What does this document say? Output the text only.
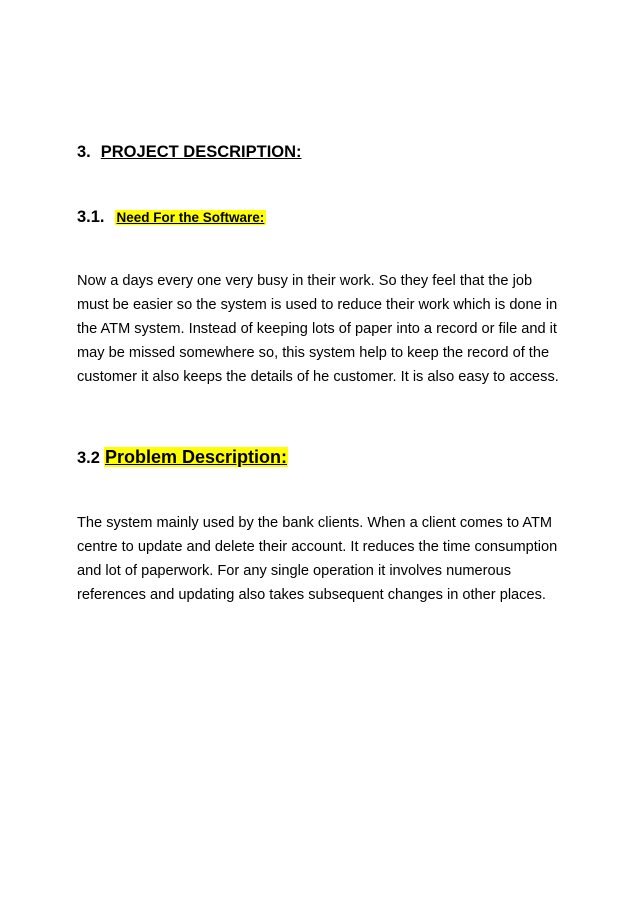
3. PROJECT DESCRIPTION:
3.1. Need For the Software:

Now a days every one very busy in their work. So they feel that the job must be easier so the system is used to reduce their work which is done in the ATM system. Instead of keeping lots of paper into a record or file and it may be missed somewhere so, this system help to keep the record of the customer it also keeps the details of he customer. It is also easy to access.

3.2 Problem Description:

The system mainly used by the bank clients. When a client comes to ATM centre to update and delete their account. It reduces the time consumption and lot of paperwork. For any single operation it involves numerous references and updating also takes subsequent changes in other places.
